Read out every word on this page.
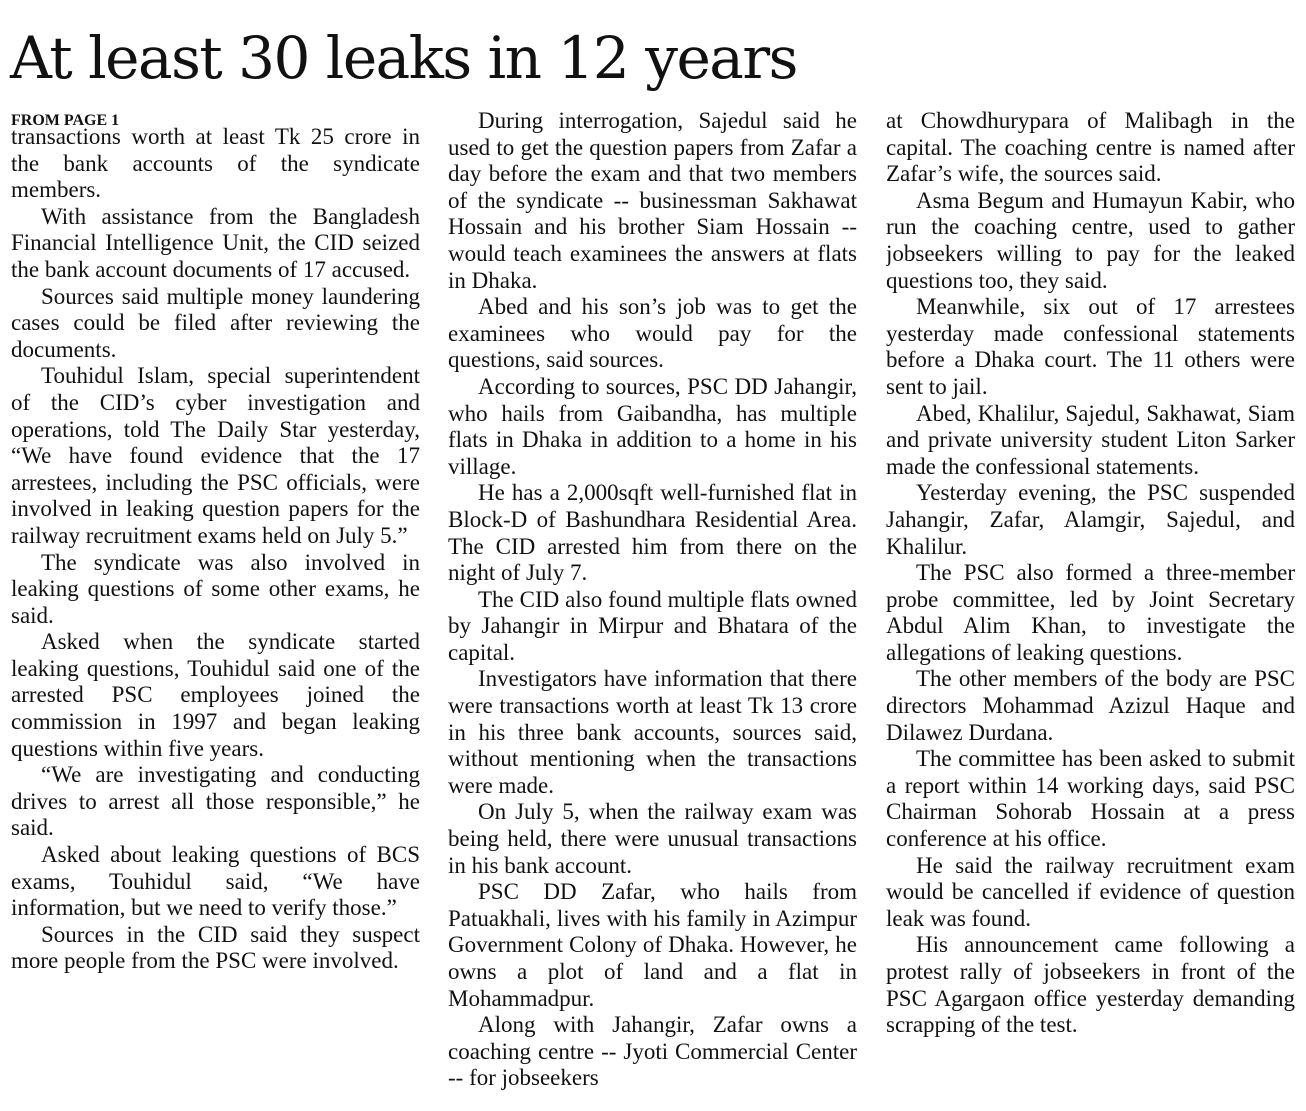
At least 30 leaks in 12 years
FROM PAGE 1

transactions worth at least Tk 25 crore in the bank accounts of the syndicate members.

With assistance from the Bangladesh Financial Intelligence Unit, the CID seized the bank account documents of 17 accused.

Sources said multiple money laundering cases could be filed after reviewing the documents.

Touhidul Islam, special superintendent of the CID’s cyber investigation and operations, told The Daily Star yesterday, “We have found evidence that the 17 arrestees, including the PSC officials, were involved in leaking question papers for the railway recruitment exams held on July 5.”

The syndicate was also involved in leaking questions of some other exams, he said.

Asked when the syndicate started leaking questions, Touhidul said one of the arrested PSC employees joined the commission in 1997 and began leaking questions within five years.

“We are investigating and conducting drives to arrest all those responsible,” he said.

Asked about leaking questions of BCS exams, Touhidul said, “We have information, but we need to verify those.”

Sources in the CID said they suspect more people from the PSC were involved.

During interrogation, Sajedul said he used to get the question papers from Zafar a day before the exam and that two members of the syndicate -- businessman Sakhawat Hossain and his brother Siam Hossain -- would teach examinees the answers at flats in Dhaka.

Abed and his son’s job was to get the examinees who would pay for the questions, said sources.

According to sources, PSC DD Jahangir, who hails from Gaibandha, has multiple flats in Dhaka in addition to a home in his village.

He has a 2,000sqft well-furnished flat in Block-D of Bashundhara Residential Area. The CID arrested him from there on the night of July 7.

The CID also found multiple flats owned by Jahangir in Mirpur and Bhatara of the capital.

Investigators have information that there were transactions worth at least Tk 13 crore in his three bank accounts, sources said, without mentioning when the transactions were made.

On July 5, when the railway exam was being held, there were unusual transactions in his bank account.

PSC DD Zafar, who hails from Patuakhali, lives with his family in Azimpur Government Colony of Dhaka. However, he owns a plot of land and a flat in Mohammadpur.

Along with Jahangir, Zafar owns a coaching centre -- Jyoti Commercial Center -- for jobseekers

at Chowdhurypara of Malibagh in the capital. The coaching centre is named after Zafar’s wife, the sources said.

Asma Begum and Humayun Kabir, who run the coaching centre, used to gather jobseekers willing to pay for the leaked questions too, they said.

Meanwhile, six out of 17 arrestees yesterday made confessional statements before a Dhaka court. The 11 others were sent to jail.

Abed, Khalilur, Sajedul, Sakhawat, Siam and private university student Liton Sarker made the confessional statements.

Yesterday evening, the PSC suspended Jahangir, Zafar, Alamgir, Sajedul, and Khalilur.

The PSC also formed a three-member probe committee, led by Joint Secretary Abdul Alim Khan, to investigate the allegations of leaking questions.

The other members of the body are PSC directors Mohammad Azizul Haque and Dilawez Durdana.

The committee has been asked to submit a report within 14 working days, said PSC Chairman Sohorab Hossain at a press conference at his office.

He said the railway recruitment exam would be cancelled if evidence of question leak was found.

His announcement came following a protest rally of jobseekers in front of the PSC Agargaon office yesterday demanding scrapping of the test.
